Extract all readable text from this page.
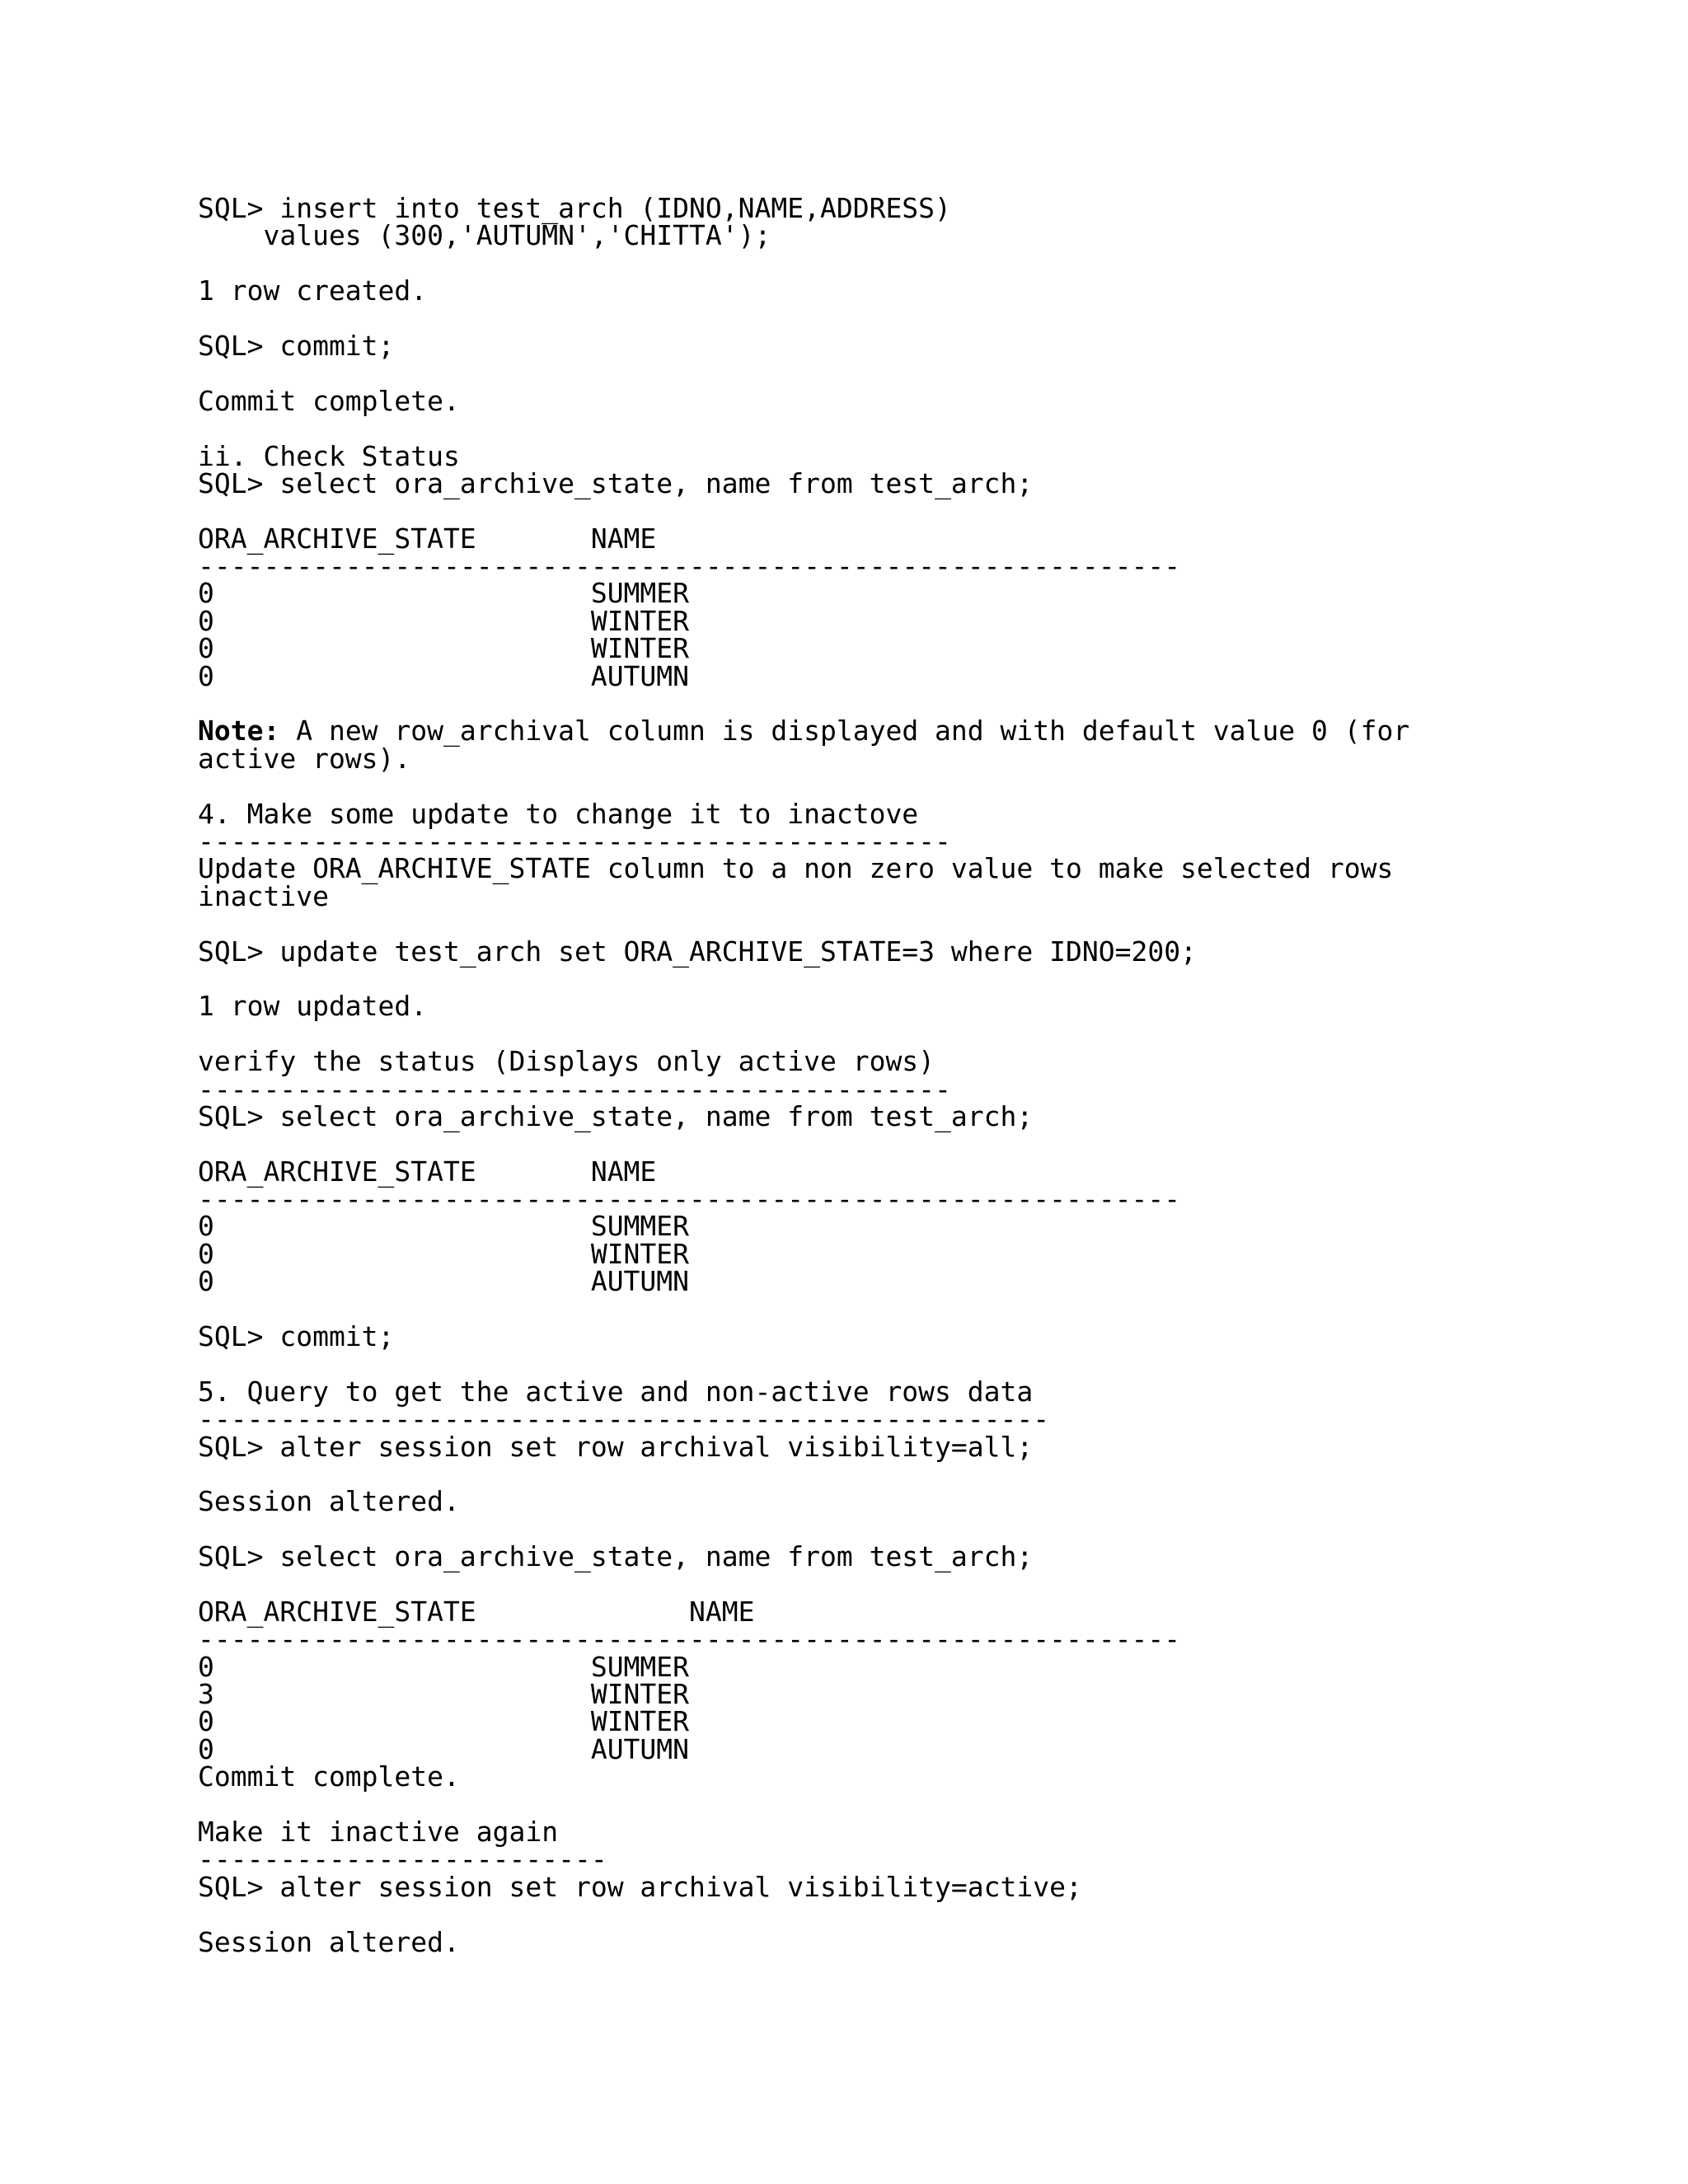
SQL> insert into test_arch (IDNO,NAME,ADDRESS)
values (300,'AUTUMN','CHITTA');
1 row created.
SQL> commit;
Commit complete.
ii. Check Status
SQL> select ora_archive_state, name from test_arch;
ORA_ARCHIVE_STATE       NAME
------------------------------------------------------------
0                       SUMMER
0                       WINTER
0                       WINTER
0                       AUTUMN
Note: A new row_archival column is displayed and with default value 0 (for
active rows).
4. Make some update to change it to inactove
----------------------------------------------
Update ORA_ARCHIVE_STATE column to a non zero value to make selected rows
inactive
SQL> update test_arch set ORA_ARCHIVE_STATE=3 where IDNO=200;
1 row updated.
verify the status (Displays only active rows)
----------------------------------------------
SQL> select ora_archive_state, name from test_arch;
ORA_ARCHIVE_STATE       NAME
------------------------------------------------------------
0                       SUMMER
0                       WINTER
0                       AUTUMN
SQL> commit;
5. Query to get the active and non-active rows data
----------------------------------------------------
SQL> alter session set row archival visibility=all;
Session altered.
SQL> select ora_archive_state, name from test_arch;
ORA_ARCHIVE_STATE             NAME
------------------------------------------------------------
0                       SUMMER
3                       WINTER
0                       WINTER
0                       AUTUMN
Commit complete.
Make it inactive again
-------------------------
SQL> alter session set row archival visibility=active;
Session altered.
